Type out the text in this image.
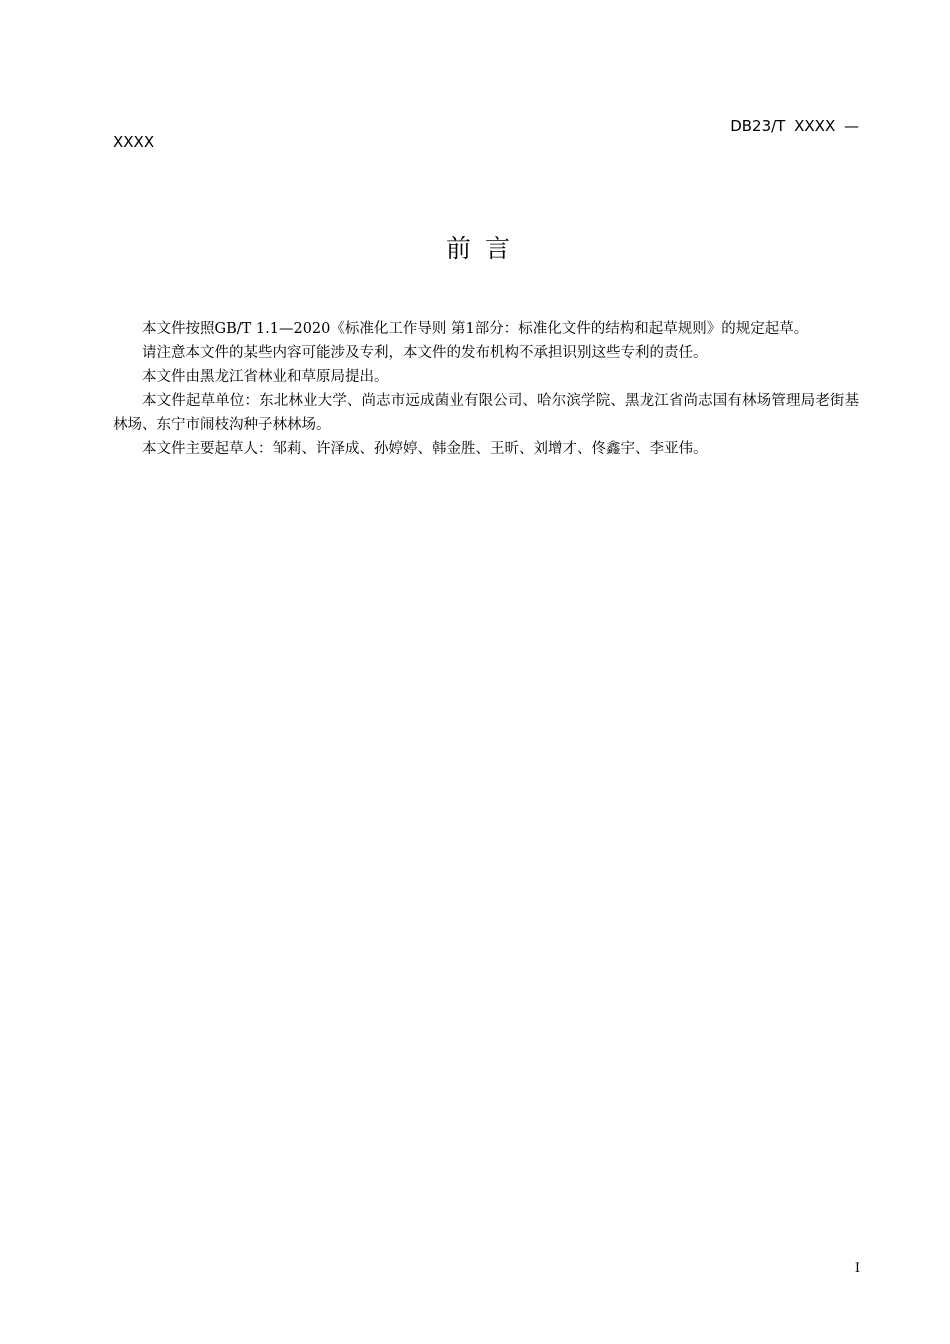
DB23/T XXXX —
XXXX
前言

本文件按照GB/T 1.1—2020《标准化工作导则 第1部分：标准化文件的结构和起草规则》的规定起草。

请注意本文件的某些内容可能涉及专利，本文件的发布机构不承担识别这些专利的责任。

本文件由黑龙江省林业和草原局提出。

本文件起草单位：东北林业大学、尚志市远成菌业有限公司、哈尔滨学院、黑龙江省尚志国有林场管理局老街基林场、东宁市闹枝沟种子林林场。

本文件主要起草人：邹莉、许泽成、孙婷婷、韩金胜、王昕、刘增才、佟鑫宇、李亚伟。

I
